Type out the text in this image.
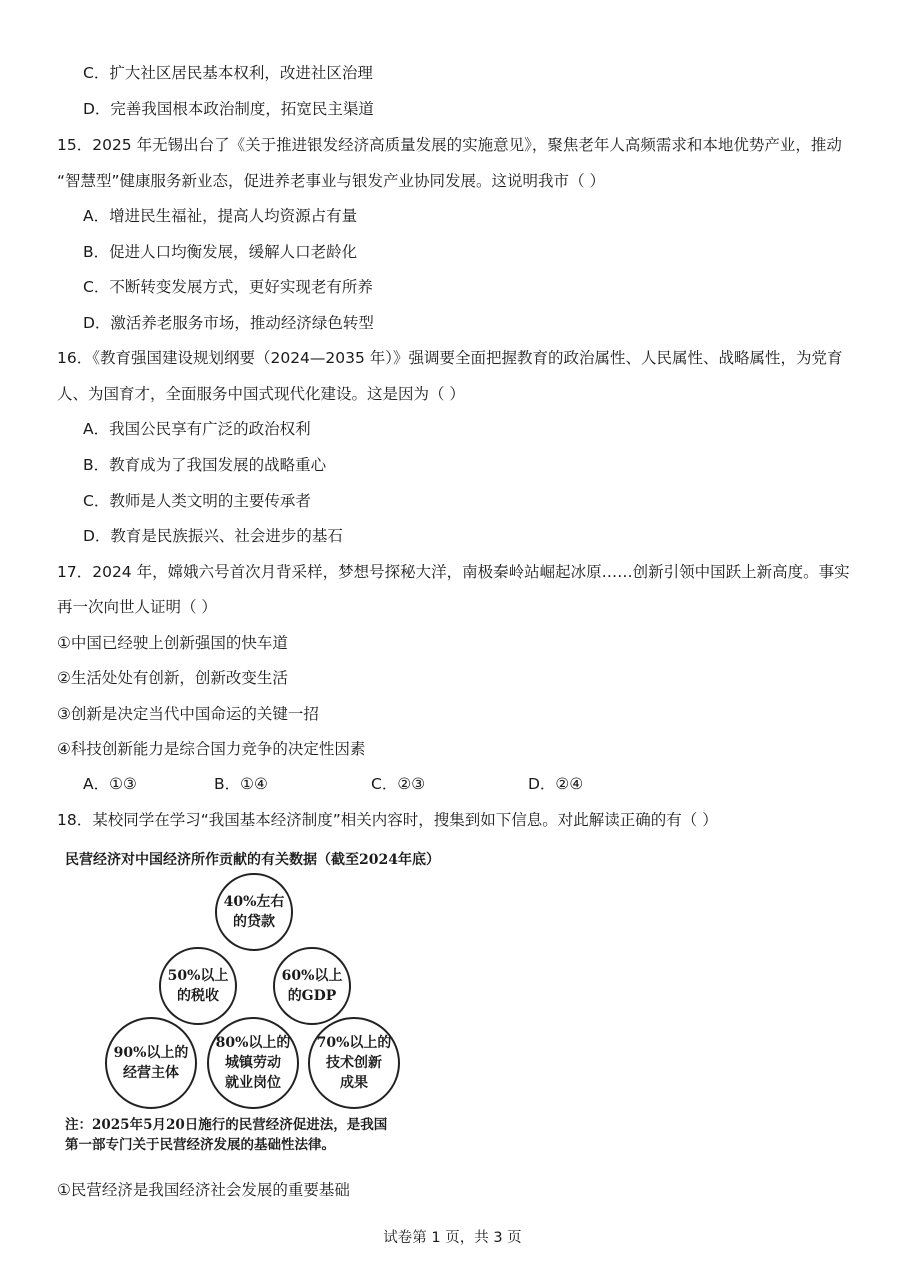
C．扩大社区居民基本权利，改进社区治理
D．完善我国根本政治制度，拓宽民主渠道
15．2025 年无锡出台了《关于推进银发经济高质量发展的实施意见》，聚焦老年人高频需求和本地优势产业，推动
“智慧型”健康服务新业态，促进养老事业与银发产业协同发展。这说明我市（ ）
A．增进民生福祉，提高人均资源占有量
B．促进人口均衡发展，缓解人口老龄化
C．不断转变发展方式，更好实现老有所养
D．激活养老服务市场，推动经济绿色转型
16．《教育强国建设规划纲要（2024—2035 年）》强调要全面把握教育的政治属性、人民属性、战略属性，为党育
人、为国育才，全面服务中国式现代化建设。这是因为（ ）
A．我国公民享有广泛的政治权利
B．教育成为了我国发展的战略重心
C．教师是人类文明的主要传承者
D．教育是民族振兴、社会进步的基石
17．2024 年，嫦娥六号首次月背采样，梦想号探秘大洋，南极秦岭站崛起冰原……创新引领中国跃上新高度。事实
再一次向世人证明（ ）
①中国已经驶上创新强国的快车道
②生活处处有创新，创新改变生活
③创新是决定当代中国命运的关键一招
④科技创新能力是综合国力竞争的决定性因素
A．①③	B．①④	C．②③	D．②④
18．某校同学在学习“我国基本经济制度”相关内容时，搜集到如下信息。对此解读正确的有（ ）
民营经济对中国经济所作贡献的有关数据（截至2024年底）
40%左右
的贷款
50%以上
的税收
60%以上
的GDP
90%以上的
经营主体
80%以上的
城镇劳动
就业岗位
70%以上的
技术创新
成果
注：2025年5月20日施行的民营经济促进法，是我国
第一部专门关于民营经济发展的基础性法律。
①民营经济是我国经济社会发展的重要基础
试卷第 1 页，共 3 页
